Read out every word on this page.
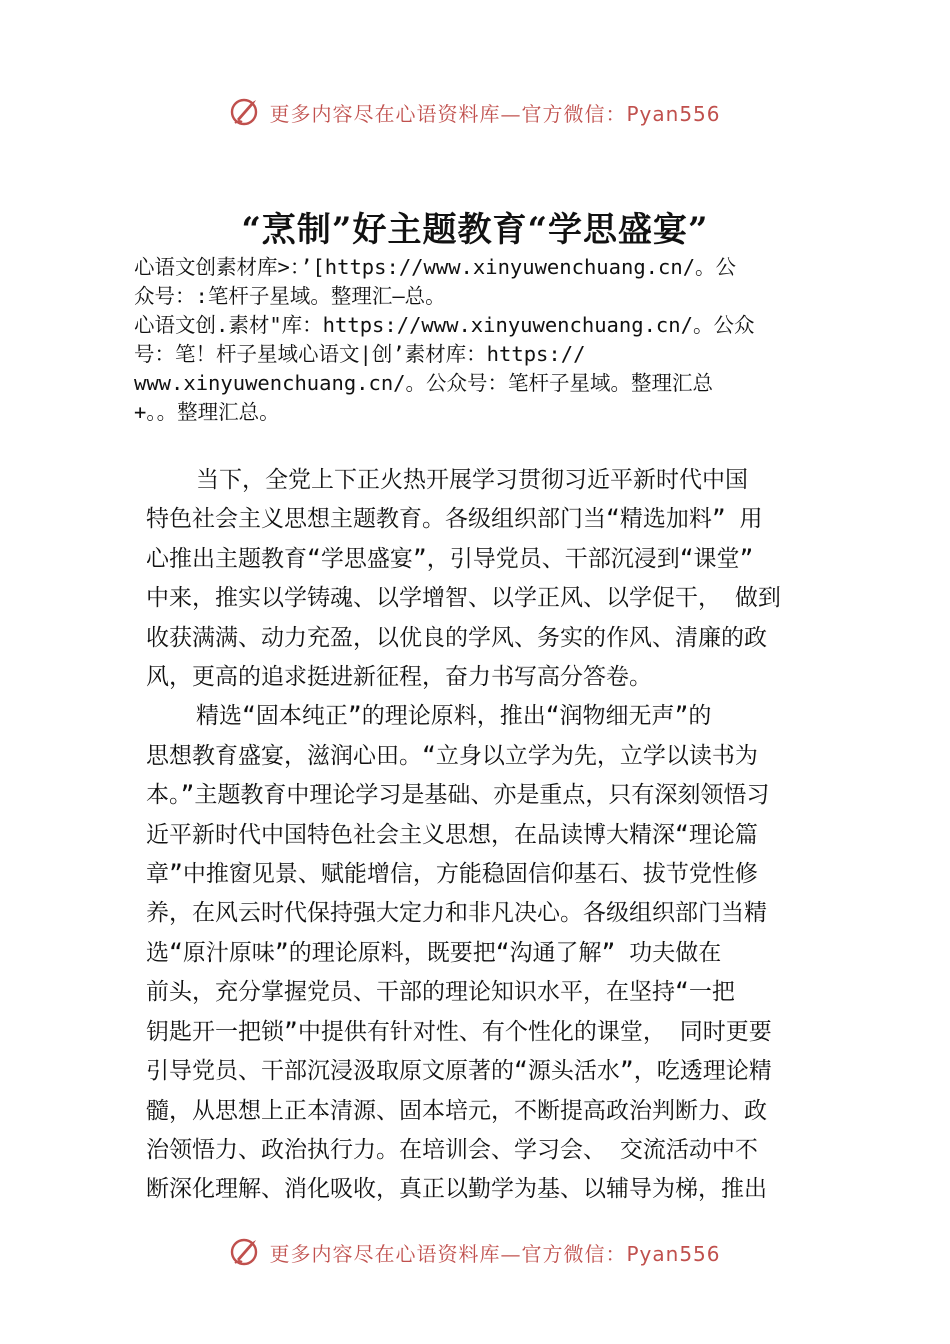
更多内容尽在心语资料库—官方微信：Pyan556
“烹制”好主题教育“学思盛宴”
心语文创素材库>：’[https://www.xinyuwenchuang.cn/。公
众号：:笔杆子星域。整理汇—总。
心语文创.素材"库：https://www.xinyuwenchuang.cn/。公众
号：笔！杆子星域心语文|创’素材库：https://
www.xinyuwenchuang.cn/。公众号：笔杆子星域。整理汇总
+。。整理汇总。
当下，全党上下正火热开展学习贯彻习近平新时代中国
特色社会主义思想主题教育。各级组织部门当“精选加料” 用
心推出主题教育“学思盛宴”，引导党员、干部沉浸到“课堂”
中来，推实以学铸魂、以学增智、以学正风、以学促干， 做到
收获满满、动力充盈，以优良的学风、务实的作风、清廉的政
风，更高的追求挺进新征程，奋力书写高分答卷。
精选“固本纯正”的理论原料，推出“润物细无声”的
思想教育盛宴，滋润心田。“立身以立学为先，立学以读书为
本。”主题教育中理论学习是基础、亦是重点，只有深刻领悟习
近平新时代中国特色社会主义思想，在品读博大精深“理论篇
章”中推窗见景、赋能增信，方能稳固信仰基石、拔节党性修
养，在风云时代保持强大定力和非凡决心。各级组织部门当精
选“原汁原味”的理论原料，既要把“沟通了解” 功夫做在
前头，充分掌握党员、干部的理论知识水平，在坚持“一把
钥匙开一把锁”中提供有针对性、有个性化的课堂， 同时更要
引导党员、干部沉浸汲取原文原著的“源头活水”，吃透理论精
髓，从思想上正本清源、固本培元，不断提高政治判断力、政
治领悟力、政治执行力。在培训会、学习会、 交流活动中不
断深化理解、消化吸收，真正以勤学为基、以辅导为梯，推出
更多内容尽在心语资料库—官方微信：Pyan556
